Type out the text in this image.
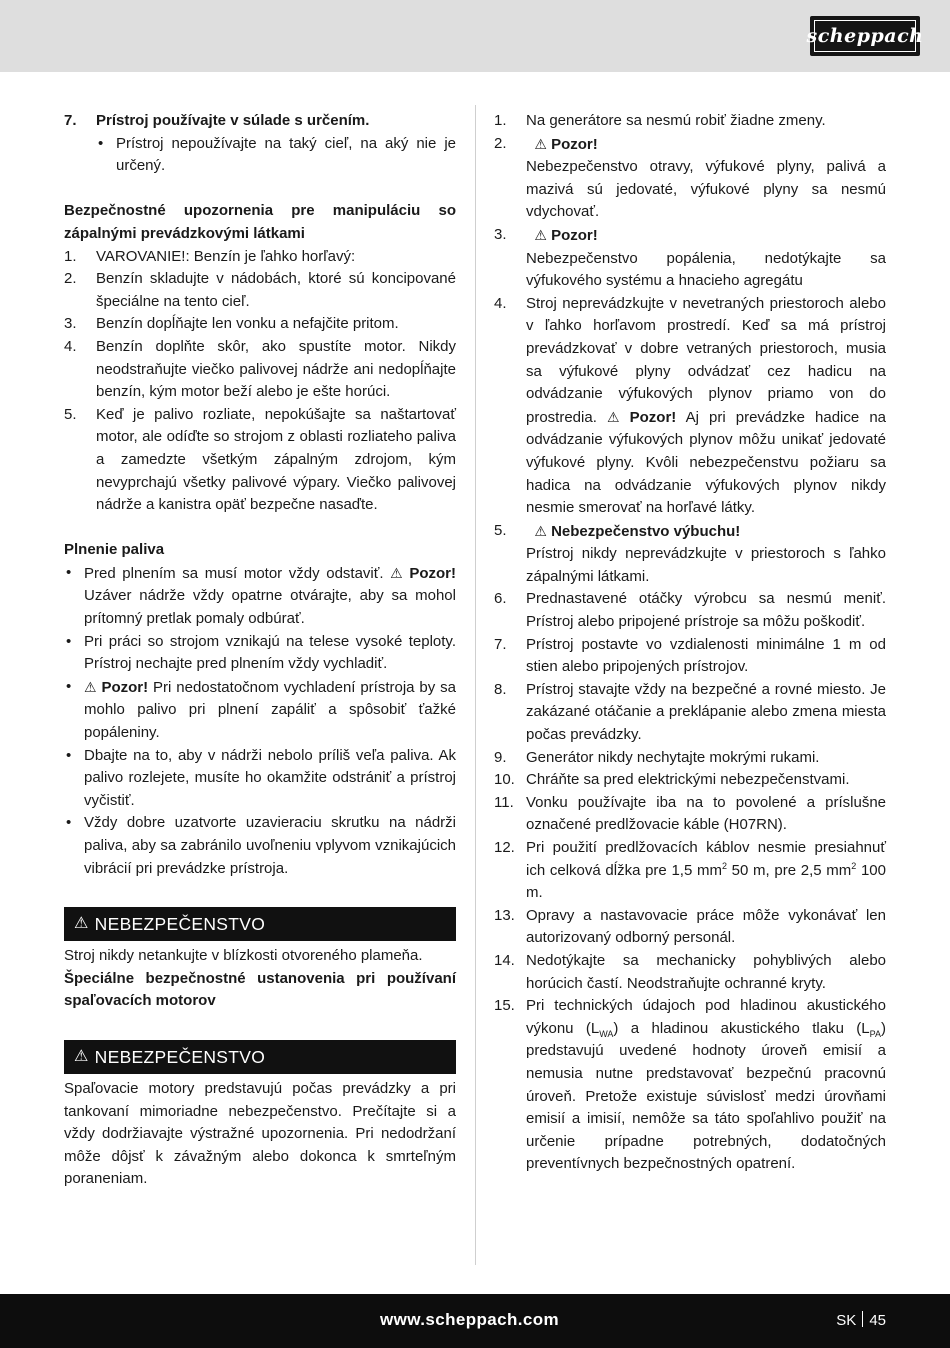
scheppach
7.	Prístroj používajte v súlade s určením.
• Prístroj nepoužívajte na taký cieľ, na aký nie je určený.
Bezpečnostné upozornenia pre manipuláciu so zápalnými prevádzkovými látkami
1.	VAROVANIE!: Benzín je ľahko horľavý:
2.	Benzín skladujte v nádobách, ktoré sú koncipované špeciálne na tento cieľ.
3.	Benzín dopĺňajte len vonku a nefajčite pritom.
4.	Benzín doplňte skôr, ako spustíte motor. Nikdy neodstraňujte viečko palivovej nádrže ani nedopĺňajte benzín, kým motor beží alebo je ešte horúci.
5.	Keď je palivo rozliate, nepokúšajte sa naštartovať motor, ale odíďte so strojom z oblasti rozliateho paliva a zamedzte všetkým zápalným zdrojom, kým nevyprchajú všetky palivové výpary. Viečko palivovej nádrže a kanistra opäť bezpečne nasaďte.
Plnenie paliva
• Pred plnením sa musí motor vždy odstaviť. ⚠ Pozor! Uzáver nádrže vždy opatrne otvárajte, aby sa mohol prítomný pretlak pomaly odbúrať.
• Pri práci so strojom vznikajú na telese vysoké teploty. Prístroj nechajte pred plnením vždy vychladiť.
• ⚠ Pozor! Pri nedostatočnom vychladení prístroja by sa mohlo palivo pri plnení zapáliť a spôsobiť ťažké popáleniny.
• Dbajte na to, aby v nádrži nebolo príliš veľa paliva. Ak palivo rozlejete, musíte ho okamžite odstrániť a prístroj vyčistiť.
• Vždy dobre uzatvorte uzavieraciu skrutku na nádrži paliva, aby sa zabránilo uvoľneniu vplyvom vznikajúcich vibrácií pri prevádzke prístroja.
⚠ NEBEZPEČENSTVO
Stroj nikdy netankujte v blízkosti otvoreného plameňa.
Špeciálne bezpečnostné ustanovenia pri používaní spaľovacích motorov
⚠ NEBEZPEČENSTVO
Spaľovacie motory predstavujú počas prevádzky a pri tankovaní mimoriadne nebezpečenstvo. Prečítajte si a vždy dodržiavajte výstražné upozornenia. Pri nedodržaní môže dôjsť k závažným alebo dokonca k smrteľným poraneniam.
1.	Na generátore sa nesmú robiť žiadne zmeny.
2.	⚠ Pozor!
Nebezpečenstvo otravy, výfukové plyny, palivá a mazivá sú jedovaté, výfukové plyny sa nesmú vdychovať.
3.	⚠ Pozor!
Nebezpečenstvo popálenia, nedotýkajte sa výfukového systému a hnacieho agregátu
4.	Stroj neprevádzkujte v nevetraných priestoroch alebo v ľahko horľavom prostredí. Keď sa má prístroj prevádzkovať v dobre vetraných priestoroch, musia sa výfukové plyny odvádzať cez hadicu na odvádzanie výfukových plynov priamo von do prostredia. ⚠ Pozor! Aj pri prevádzke hadice na odvádzanie výfukových plynov môžu unikať jedovaté výfukové plyny. Kvôli nebezpečenstvu požiaru sa hadica na odvádzanie výfukových plynov nikdy nesmie smerovať na horľavé látky.
5.	⚠ Nebezpečenstvo výbuchu!
Prístroj nikdy neprevádzkujte v priestoroch s ľahko zápalnými látkami.
6.	Prednastavené otáčky výrobcu sa nesmú meniť. Prístroj alebo pripojené prístroje sa môžu poškodiť.
7.	Prístroj postavte vo vzdialenosti minimálne 1 m od stien alebo pripojených prístrojov.
8.	Prístroj stavajte vždy na bezpečné a rovné miesto. Je zakázané otáčanie a preklápanie alebo zmena miesta počas prevádzky.
9.	Generátor nikdy nechytajte mokrými rukami.
10. Chráňte sa pred elektrickými nebezpečenstvami.
11. Vonku používajte iba na to povolené a príslušne označené predlžovacie káble (H07RN).
12. Pri použití predlžovacích káblov nesmie presiahnuť ich celková dĺžka pre 1,5 $mm^2$ 50 m, pre 2,5 $mm^2$ 100 m.
13. Opravy a nastavovacie práce môže vykonávať len autorizovaný odborný personál.
14. Nedotýkajte sa mechanicky pohyblivých alebo horúcich častí. Neodstraňujte ochranné kryty.
15. Pri technických údajoch pod hladinou akustického výkonu $(L_{WA})$ a hladinou akustického tlaku $(L_{PA})$ predstavujú uvedené hodnoty úroveň emisií a nemusia nutne predstavovať bezpečnú pracovnú úroveň. Pretože existuje súvislosť medzi úrovňami emisií a imisií, nemôže sa táto spoľahlivo použiť na určenie prípadne potrebných, dodatočných preventívnych bezpečnostných opatrení.
www.scheppach.com	SK 45
